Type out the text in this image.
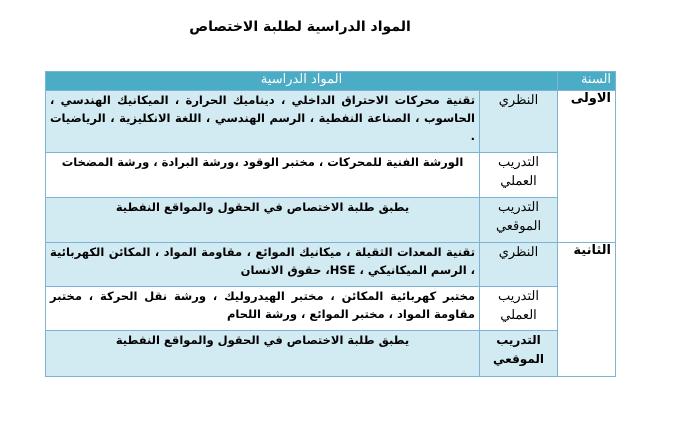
المواد الدراسية لطلبة الاختصاص
السنة	المواد الدراسية	
الاولى	النظري	تقنية محركات الاحتراق الداخلي ، ديناميك الحرارة ، الميكانيك الهندسي ، الحاسوب ، الصناعة النفطية ، الرسم الهندسي ، اللغة الانكليزية ، الرياضيات .
	التدريب العملي	الورشة الفنية للمحركات ، مختبر الوقود ،ورشة البرادة ، ورشة المضخات
	التدريب الموقعي	يطبق طلبة الاختصاص في الحقول والمواقع النفطية
الثانية	النظري	تقنية المعدات الثقيلة ، ميكانيك الموائع ، مقاومة المواد ، المكائن الكهربائية ، الرسم الميكانيكي ، HSE، حقوق الانسان
	التدريب العملي	مختبر كهربائية المكائن ، مختبر الهيدروليك ، ورشة نقل الحركة ، مختبر مقاومة المواد ، مختبر الموائع ، ورشة اللحام
	التدريب الموقعي	يطبق طلبة الاختصاص في الحقول والمواقع النفطية
